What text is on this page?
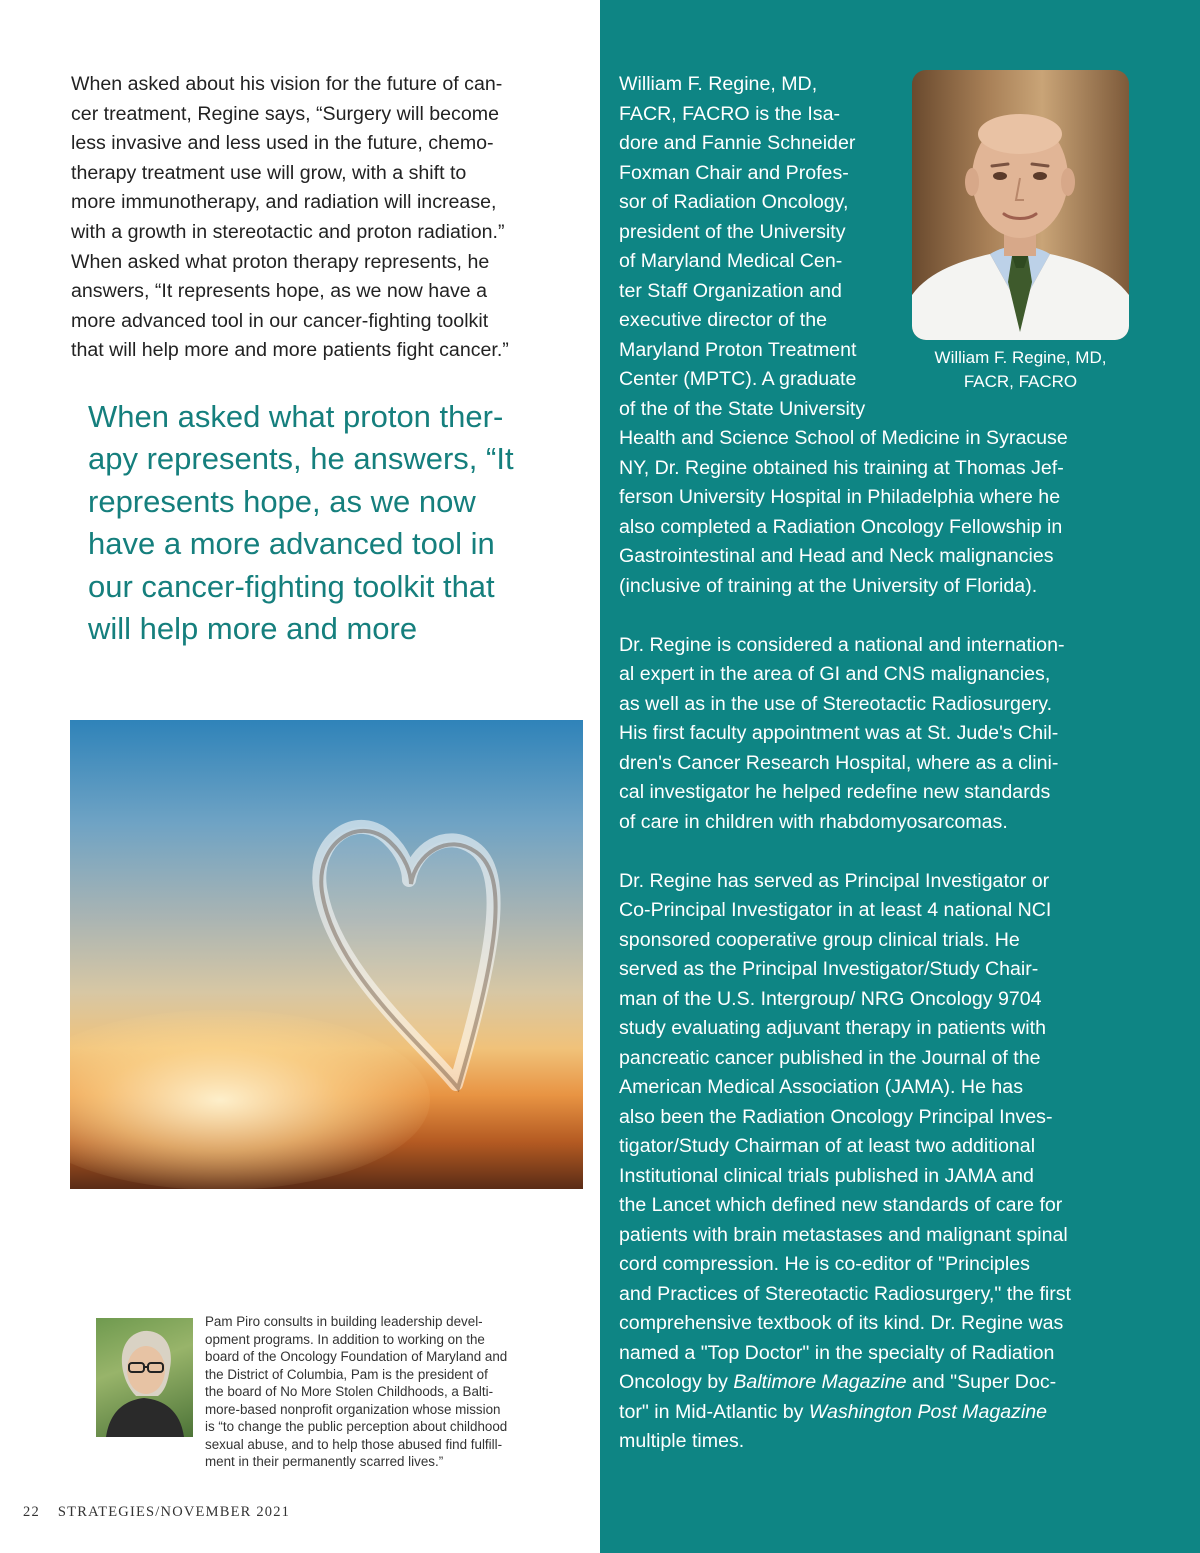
When asked about his vision for the future of can-
cer treatment, Regine says, “Surgery will become
less invasive and less used in the future, chemo-
therapy treatment use will grow, with a shift to
more immunotherapy, and radiation will increase,
with a growth in stereotactic and proton radiation.”
When asked what proton therapy represents, he
answers, “It represents hope, as we now have a
more advanced tool in our cancer-fighting toolkit
that will help more and more patients fight cancer.”

When asked what proton ther-
apy represents, he answers, “It
represents hope, as we now
have a more advanced tool in
our cancer-fighting toolkit that
will help more and more

Pam Piro consults in building leadership devel-
opment programs. In addition to working on the
board of the Oncology Foundation of Maryland and
the District of Columbia, Pam is the president of
the board of No More Stolen Childhoods, a Balti-
more-based nonprofit organization whose mission
is “to change the public perception about childhood
sexual abuse, and to help those abused find fulfill-
ment in their permanently scarred lives.”

22 STRATEGIES/NOVEMBER 2021

William F. Regine, MD,
FACR, FACRO

William F. Regine, MD,
FACR, FACRO is the Isa-
dore and Fannie Schneider
Foxman Chair and Profes-
sor of Radiation Oncology,
president of the University
of Maryland Medical Cen-
ter Staff Organization and
executive director of the
Maryland Proton Treatment
Center (MPTC). A graduate
of the of the State University
Health and Science School of Medicine in Syracuse
NY, Dr. Regine obtained his training at Thomas Jef-
ferson University Hospital in Philadelphia where he
also completed a Radiation Oncology Fellowship in
Gastrointestinal and Head and Neck malignancies
(inclusive of training at the University of Florida).

Dr. Regine is considered a national and internation-
al expert in the area of GI and CNS malignancies,
as well as in the use of Stereotactic Radiosurgery.
His first faculty appointment was at St. Jude's Chil-
dren's Cancer Research Hospital, where as a clini-
cal investigator he helped redefine new standards
of care in children with rhabdomyosarcomas.

Dr. Regine has served as Principal Investigator or
Co-Principal Investigator in at least 4 national NCI
sponsored cooperative group clinical trials. He
served as the Principal Investigator/Study Chair-
man of the U.S. Intergroup/ NRG Oncology 9704
study evaluating adjuvant therapy in patients with
pancreatic cancer published in the Journal of the
American Medical Association (JAMA). He has
also been the Radiation Oncology Principal Inves-
tigator/Study Chairman of at least two additional
Institutional clinical trials published in JAMA and
the Lancet which defined new standards of care for
patients with brain metastases and malignant spinal
cord compression. He is co-editor of "Principles
and Practices of Stereotactic Radiosurgery," the first
comprehensive textbook of its kind. Dr. Regine was
named a "Top Doctor" in the specialty of Radiation
Oncology by Baltimore Magazine and "Super Doc-
tor" in Mid-Atlantic by Washington Post Magazine
multiple times.
